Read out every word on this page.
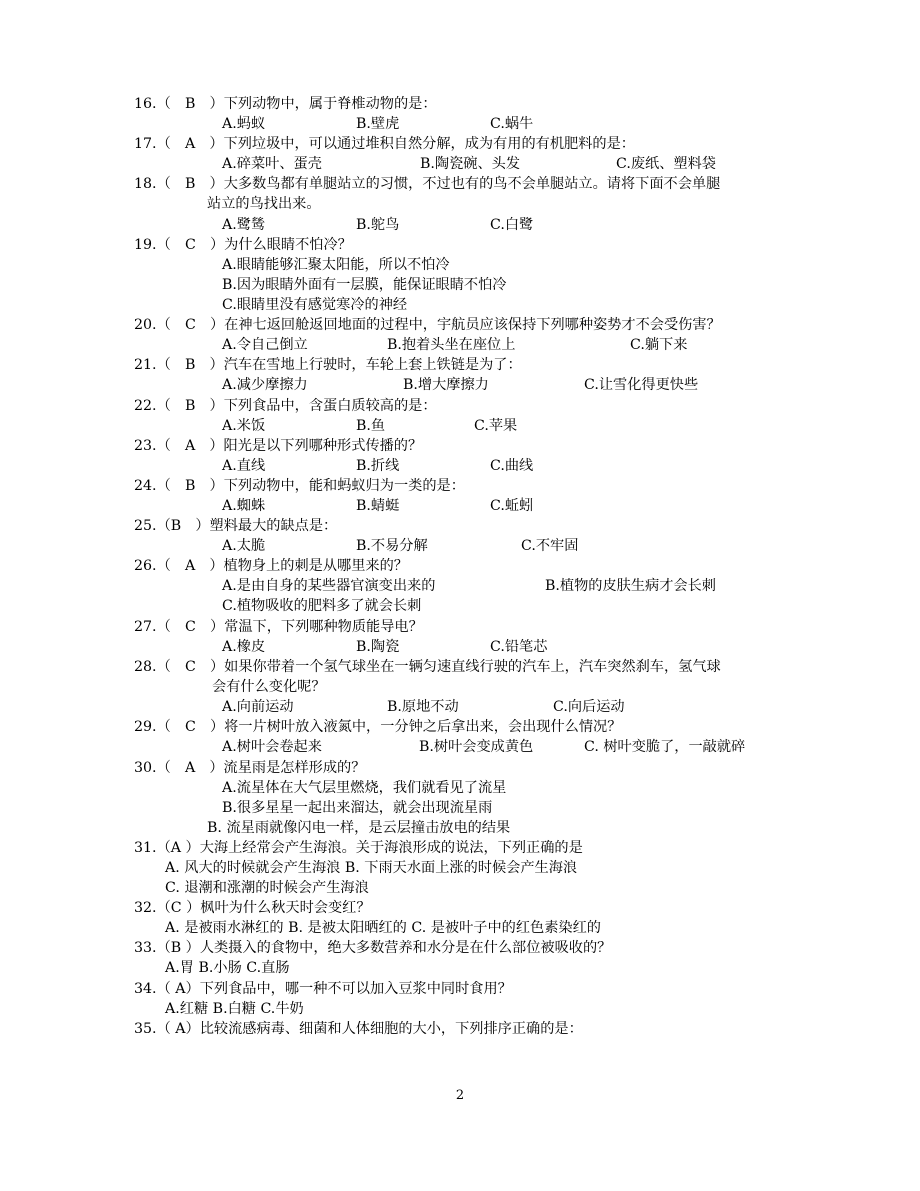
16.（　B　）下列动物中，属于脊椎动物的是：
A.蚂蚁	B.壁虎	C.蜗牛
17.（　A　）下列垃圾中，可以通过堆积自然分解，成为有用的有机肥料的是：
A.碎菜叶、蛋壳	B.陶瓷碗、头发	C.废纸、塑料袋
18.（　B　）大多数鸟都有单腿站立的习惯，不过也有的鸟不会单腿站立。请将下面不会单腿
站立的鸟找出来。
A.鹭鸶	B.鸵鸟	C.白鹭
19.（　C　）为什么眼睛不怕冷？
A.眼睛能够汇聚太阳能，所以不怕冷
B.因为眼睛外面有一层膜，能保证眼睛不怕冷
C.眼睛里没有感觉寒冷的神经
20.（　C　）在神七返回舱返回地面的过程中，宇航员应该保持下列哪种姿势才不会受伤害？
A.令自己倒立	B.抱着头坐在座位上	C.躺下来
21.（　B　）汽车在雪地上行驶时，车轮上套上铁链是为了：
A.减少摩擦力	B.增大摩擦力	C.让雪化得更快些
22.（　B　）下列食品中，含蛋白质较高的是：
A.米饭	B.鱼	C.苹果
23.（　A　）阳光是以下列哪种形式传播的？
A.直线	B.折线	C.曲线
24.（　B　）下列动物中，能和蚂蚁归为一类的是：
A.蜘蛛	B.蜻蜓	C.蚯蚓
25.（B　）塑料最大的缺点是：
A.太脆	B.不易分解	C.不牢固
26.（　A　）植物身上的刺是从哪里来的？
A.是由自身的某些器官演变出来的	B.植物的皮肤生病才会长刺
C.植物吸收的肥料多了就会长刺
27.（　C　）常温下，下列哪种物质能导电？
A.橡皮	B.陶瓷	C.铅笔芯
28.（　C　）如果你带着一个氢气球坐在一辆匀速直线行驶的汽车上，汽车突然刹车，氢气球
会有什么变化呢？
A.向前运动	B.原地不动	C.向后运动
29.（　C　）将一片树叶放入液氮中，一分钟之后拿出来，会出现什么情况？
A.树叶会卷起来	B.树叶会变成黄色	C. 树叶变脆了，一敲就碎
30.（　A　）流星雨是怎样形成的？
A.流星体在大气层里燃烧，我们就看见了流星
B.很多星星一起出来溜达，就会出现流星雨
B. 流星雨就像闪电一样，是云层撞击放电的结果
31.（A ）大海上经常会产生海浪。关于海浪形成的说法，下列正确的是
A. 风大的时候就会产生海浪 B. 下雨天水面上涨的时候会产生海浪
C. 退潮和涨潮的时候会产生海浪
32.（C ）枫叶为什么秋天时会变红？
A. 是被雨水淋红的 B. 是被太阳晒红的 C. 是被叶子中的红色素染红的
33.（B ）人类摄入的食物中，绝大多数营养和水分是在什么部位被吸收的？
A.胃 B.小肠 C.直肠
34.（ A）下列食品中，哪一种不可以加入豆浆中同时食用？
A.红糖 B.白糖 C.牛奶
35.（ A）比较流感病毒、细菌和人体细胞的大小，下列排序正确的是：
2
